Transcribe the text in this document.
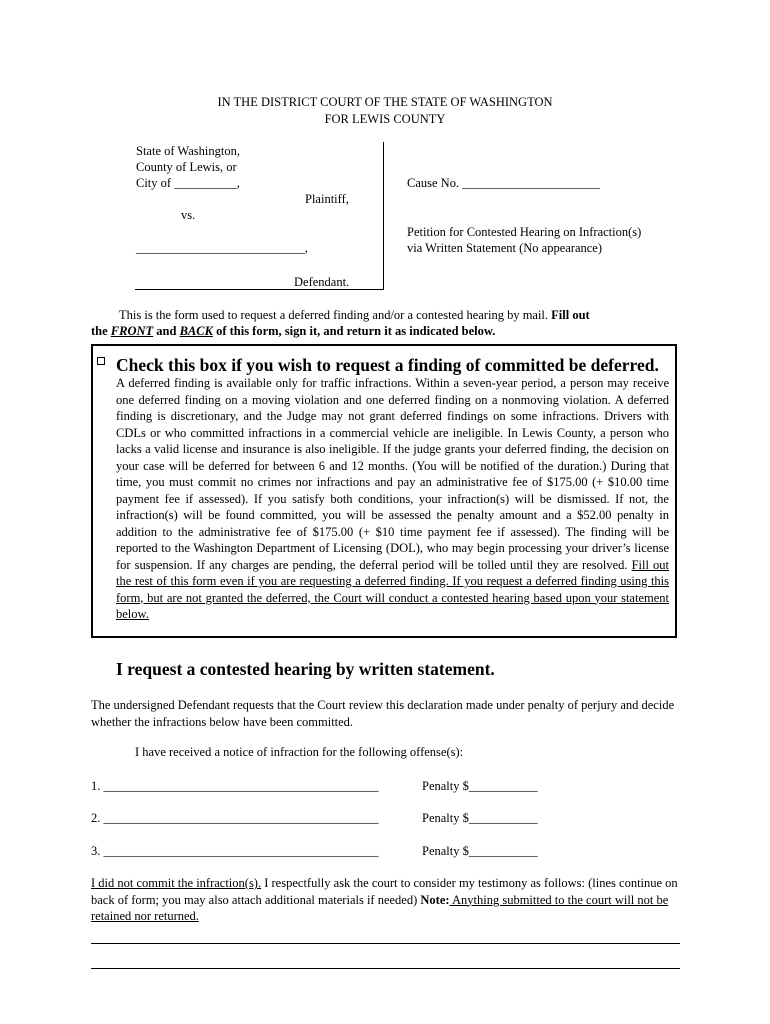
IN THE DISTRICT COURT OF THE STATE OF WASHINGTON
FOR LEWIS COUNTY
State of Washington,
County of Lewis, or
City of __________,
Plaintiff,
vs.
___________________________,
Defendant.
Cause No. ______________________
Petition for Contested Hearing on Infraction(s)
via Written Statement (No appearance)
This is the form used to request a deferred finding and/or a contested hearing by mail. Fill out
the FRONT and BACK of this form, sign it, and return it as indicated below.
Check this box if you wish to request a finding of committed be deferred.
A deferred finding is available only for traffic infractions. Within a seven-year period, a person may receive one deferred finding on a moving violation and one deferred finding on a nonmoving violation. A deferred finding is discretionary, and the Judge may not grant deferred findings on some infractions. Drivers with CDLs or who committed infractions in a commercial vehicle are ineligible. In Lewis County, a person who lacks a valid license and insurance is also ineligible. If the judge grants your deferred finding, the decision on your case will be deferred for between 6 and 12 months. (You will be notified of the duration.) During that time, you must commit no crimes nor infractions and pay an administrative fee of $175.00 (+ $10.00 time payment fee if assessed). If you satisfy both conditions, your infraction(s) will be dismissed. If not, the infraction(s) will be found committed, you will be assessed the penalty amount and a $52.00 penalty in addition to the administrative fee of $175.00 (+ $10 time payment fee if assessed). The finding will be reported to the Washington Department of Licensing (DOL), who may begin processing your driver’s license for suspension. If any charges are pending, the deferral period will be tolled until they are resolved. Fill out the rest of this form even if you are requesting a deferred finding. If you request a deferred finding using this form, but are not granted the deferred, the Court will conduct a contested hearing based upon your statement below.
I request a contested hearing by written statement.
The undersigned Defendant requests that the Court review this declaration made under penalty of perjury and decide whether the infractions below have been committed.
I have received a notice of infraction for the following offense(s):
1. ____________________________________________	Penalty $___________
2. ____________________________________________	Penalty $___________
3. ____________________________________________	Penalty $___________
I did not commit the infraction(s). I respectfully ask the court to consider my testimony as follows: (lines continue on back of form; you may also attach additional materials if needed) Note: Anything submitted to the court will not be retained nor returned.
